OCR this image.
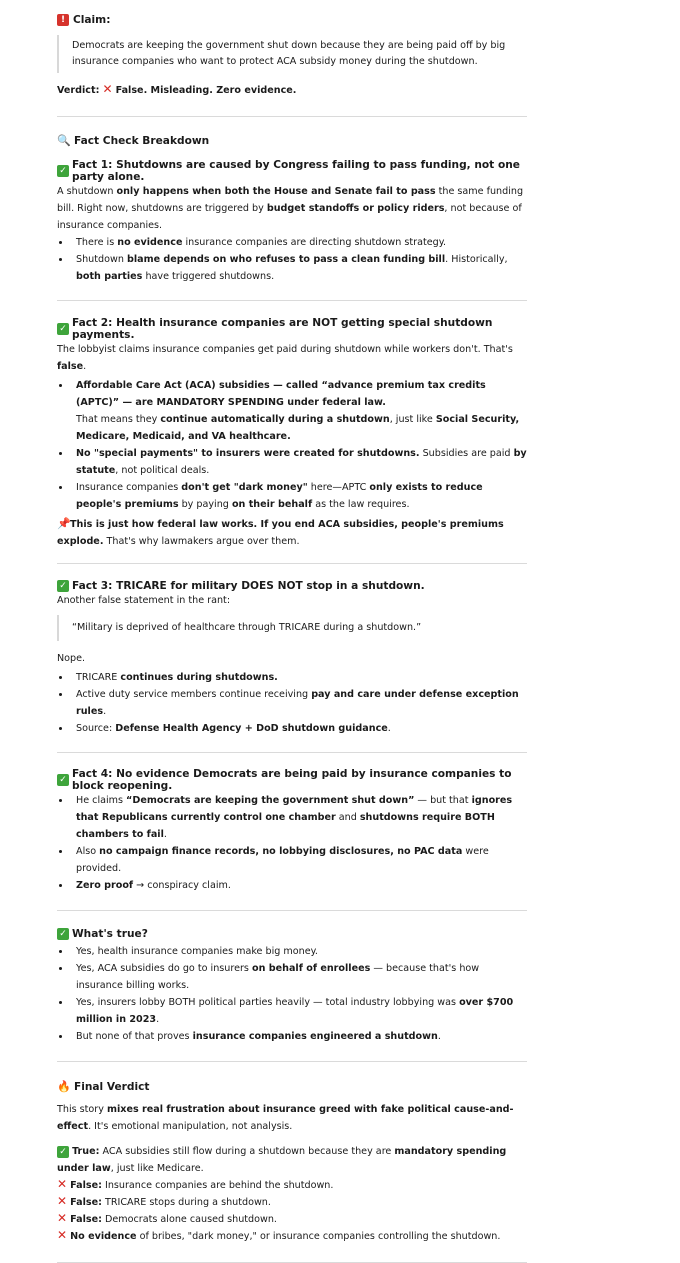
! Claim:
Democrats are keeping the government shut down because they are being paid off by big insurance companies who want to protect ACA subsidy money during the shutdown.

Verdict: ✕ False. Misleading. Zero evidence.

🔍 Fact Check Breakdown
✓ Fact 1: Shutdowns are caused by Congress failing to pass funding, not one party alone.

A shutdown only happens when both the House and Senate fail to pass the same funding bill. Right now, shutdowns are triggered by budget standoffs or policy riders, not because of insurance companies.

There is no evidence insurance companies are directing shutdown strategy.
Shutdown blame depends on who refuses to pass a clean funding bill. Historically, both parties have triggered shutdowns.
✓ Fact 2: Health insurance companies are NOT getting special shutdown payments.

The lobbyist claims insurance companies get paid during shutdown while workers don't. That's false.

Affordable Care Act (ACA) subsidies — called “advance premium tax credits (APTC)” — are MANDATORY SPENDING under federal law.
That means they continue automatically during a shutdown, just like Social Security, Medicare, Medicaid, and VA healthcare.
No "special payments" to insurers were created for shutdowns. Subsidies are paid by statute, not political deals.
Insurance companies don't get "dark money" here—APTC only exists to reduce people's premiums by paying on their behalf as the law requires.

📌This is just how federal law works. If you end ACA subsidies, people's premiums explode. That's why lawmakers argue over them.

✓ Fact 3: TRICARE for military DOES NOT stop in a shutdown.

Another false statement in the rant:

“Military is deprived of healthcare through TRICARE during a shutdown.”

Nope.

TRICARE continues during shutdowns.
Active duty service members continue receiving pay and care under defense exception rules.
Source: Defense Health Agency + DoD shutdown guidance.
✓ Fact 4: No evidence Democrats are being paid by insurance companies to block reopening.
He claims “Democrats are keeping the government shut down” — but that ignores that Republicans currently control one chamber and shutdowns require BOTH chambers to fail.
Also no campaign finance records, no lobbying disclosures, no PAC data were provided.
Zero proof → conspiracy claim.
✓ What's true?
Yes, health insurance companies make big money.
Yes, ACA subsidies do go to insurers on behalf of enrollees — because that's how insurance billing works.
Yes, insurers lobby BOTH political parties heavily — total industry lobbying was over $700 million in 2023.
But none of that proves insurance companies engineered a shutdown.
🔥 Final Verdict

This story mixes real frustration about insurance greed with fake political cause-and-effect. It's emotional manipulation, not analysis.

✓ True: ACA subsidies still flow during a shutdown because they are mandatory spending under law, just like Medicare.

✕ False: Insurance companies are behind the shutdown.

✕ False: TRICARE stops during a shutdown.

✕ False: Democrats alone caused shutdown.

✕ No evidence of bribes, "dark money," or insurance companies controlling the shutdown.
